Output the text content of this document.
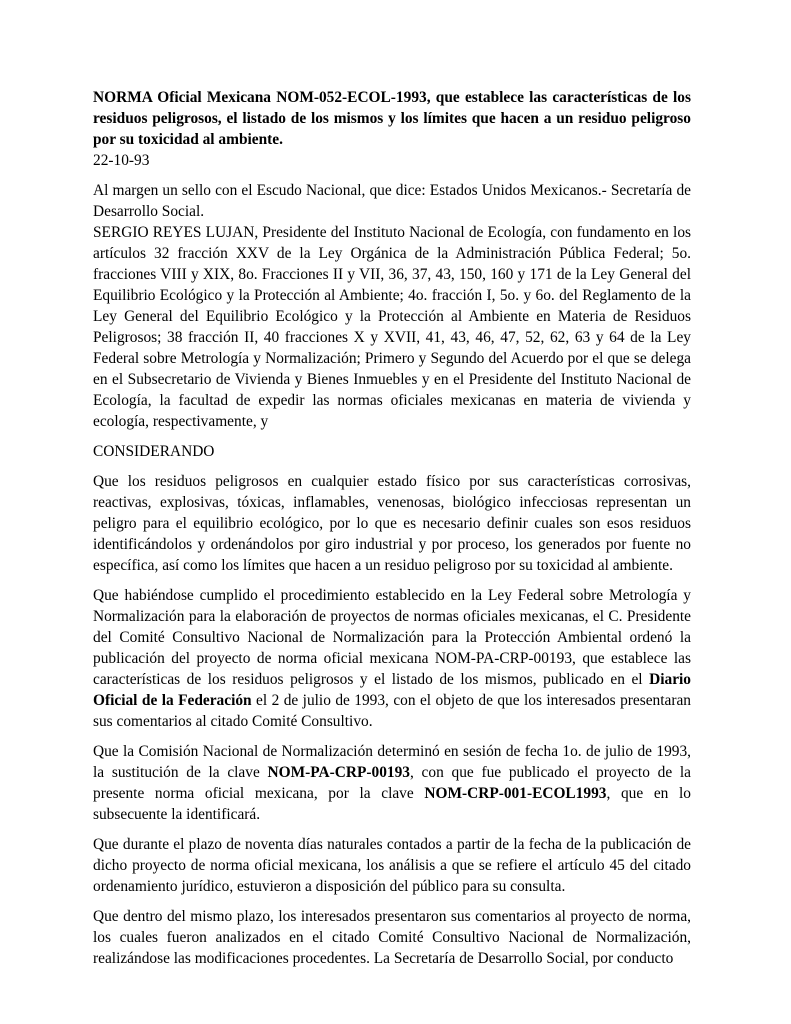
NORMA Oficial Mexicana NOM-052-ECOL-1993, que establece las características de los residuos peligrosos, el listado de los mismos y los límites que hacen a un residuo peligroso por su toxicidad al ambiente.

22-10-93

Al margen un sello con el Escudo Nacional, que dice: Estados Unidos Mexicanos.- Secretaría de Desarrollo Social.

SERGIO REYES LUJAN, Presidente del Instituto Nacional de Ecología, con fundamento en los artículos 32 fracción XXV de la Ley Orgánica de la Administración Pública Federal; 5o. fracciones VIII y XIX, 8o. Fracciones II y VII, 36, 37, 43, 150, 160 y 171 de la Ley General del Equilibrio Ecológico y la Protección al Ambiente; 4o. fracción I, 5o. y 6o. del Reglamento de la Ley General del Equilibrio Ecológico y la Protección al Ambiente en Materia de Residuos Peligrosos; 38 fracción II, 40 fracciones X y XVII, 41, 43, 46, 47, 52, 62, 63 y 64 de la Ley Federal sobre Metrología y Normalización; Primero y Segundo del Acuerdo por el que se delega en el Subsecretario de Vivienda y Bienes Inmuebles y en el Presidente del Instituto Nacional de Ecología, la facultad de expedir las normas oficiales mexicanas en materia de vivienda y ecología, respectivamente, y

CONSIDERANDO

Que los residuos peligrosos en cualquier estado físico por sus características corrosivas, reactivas, explosivas, tóxicas, inflamables, venenosas, biológico infecciosas representan un peligro para el equilibrio ecológico, por lo que es necesario definir cuales son esos residuos identificándolos y ordenándolos por giro industrial y por proceso, los generados por fuente no específica, así como los límites que hacen a un residuo peligroso por su toxicidad al ambiente.

Que habiéndose cumplido el procedimiento establecido en la Ley Federal sobre Metrología y Normalización para la elaboración de proyectos de normas oficiales mexicanas, el C. Presidente del Comité Consultivo Nacional de Normalización para la Protección Ambiental ordenó la publicación del proyecto de norma oficial mexicana NOM-PA-CRP-00193, que establece las características de los residuos peligrosos y el listado de los mismos, publicado en el Diario Oficial de la Federación el 2 de julio de 1993, con el objeto de que los interesados presentaran sus comentarios al citado Comité Consultivo.

Que la Comisión Nacional de Normalización determinó en sesión de fecha 1o. de julio de 1993, la sustitución de la clave NOM-PA-CRP-00193, con que fue publicado el proyecto de la presente norma oficial mexicana, por la clave NOM-CRP-001-ECOL1993, que en lo subsecuente la identificará.

Que durante el plazo de noventa días naturales contados a partir de la fecha de la publicación de dicho proyecto de norma oficial mexicana, los análisis a que se refiere el artículo 45 del citado ordenamiento jurídico, estuvieron a disposición del público para su consulta.

Que dentro del mismo plazo, los interesados presentaron sus comentarios al proyecto de norma, los cuales fueron analizados en el citado Comité Consultivo Nacional de Normalización, realizándose las modificaciones procedentes. La Secretaría de Desarrollo Social, por conducto
